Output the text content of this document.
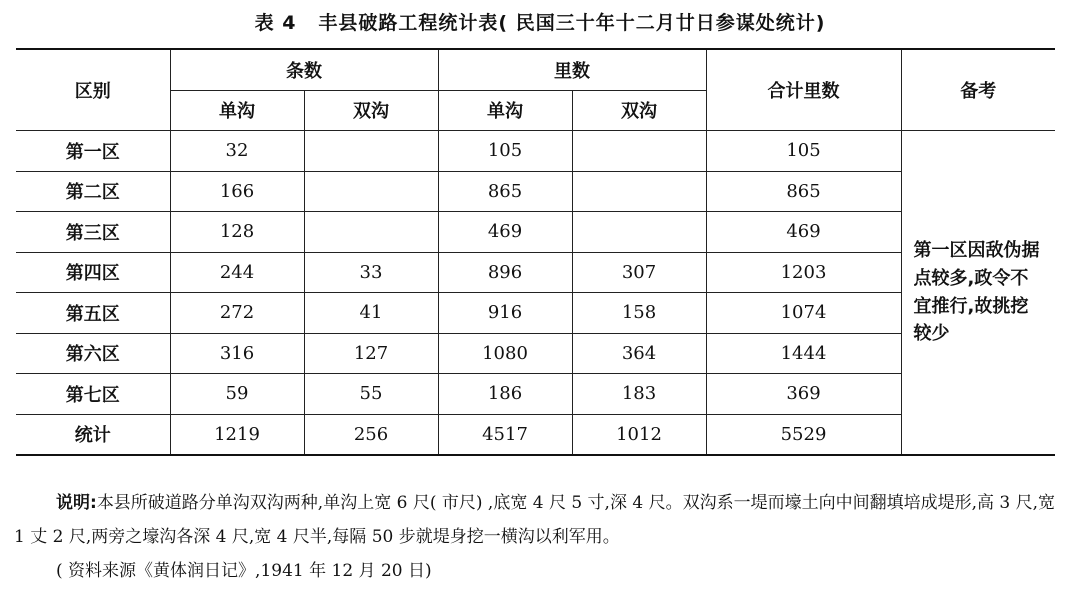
表 4 丰县破路工程统计表( 民国三十年十二月廿日参谋处统计)
区别	条数		里数		合计里数	备考
	单沟	双沟	单沟	双沟		
第一区	32		105		105	第一区因敌伪据点较多,政令不宜推行,故挑挖较少
第二区	166		865		865	
第三区	128		469		469	
第四区	244	33	896	307	1203	
第五区	272	41	916	158	1074	
第六区	316	127	1080	364	1444	
第七区	59	55	186	183	369	
统计	1219	256	4517	1012	5529	
说明:本县所破道路分单沟双沟两种,单沟上宽 6 尺( 市尺) ,底宽 4 尺 5 寸,深 4 尺。双沟系一堤而壕土向中间翻填培成堤形,高 3 尺,宽 1 丈 2 尺,两旁之壕沟各深 4 尺,宽 4 尺半,每隔 50 步就堤身挖一横沟以利军用。
( 资料来源《黄体润日记》,1941 年 12 月 20 日)
